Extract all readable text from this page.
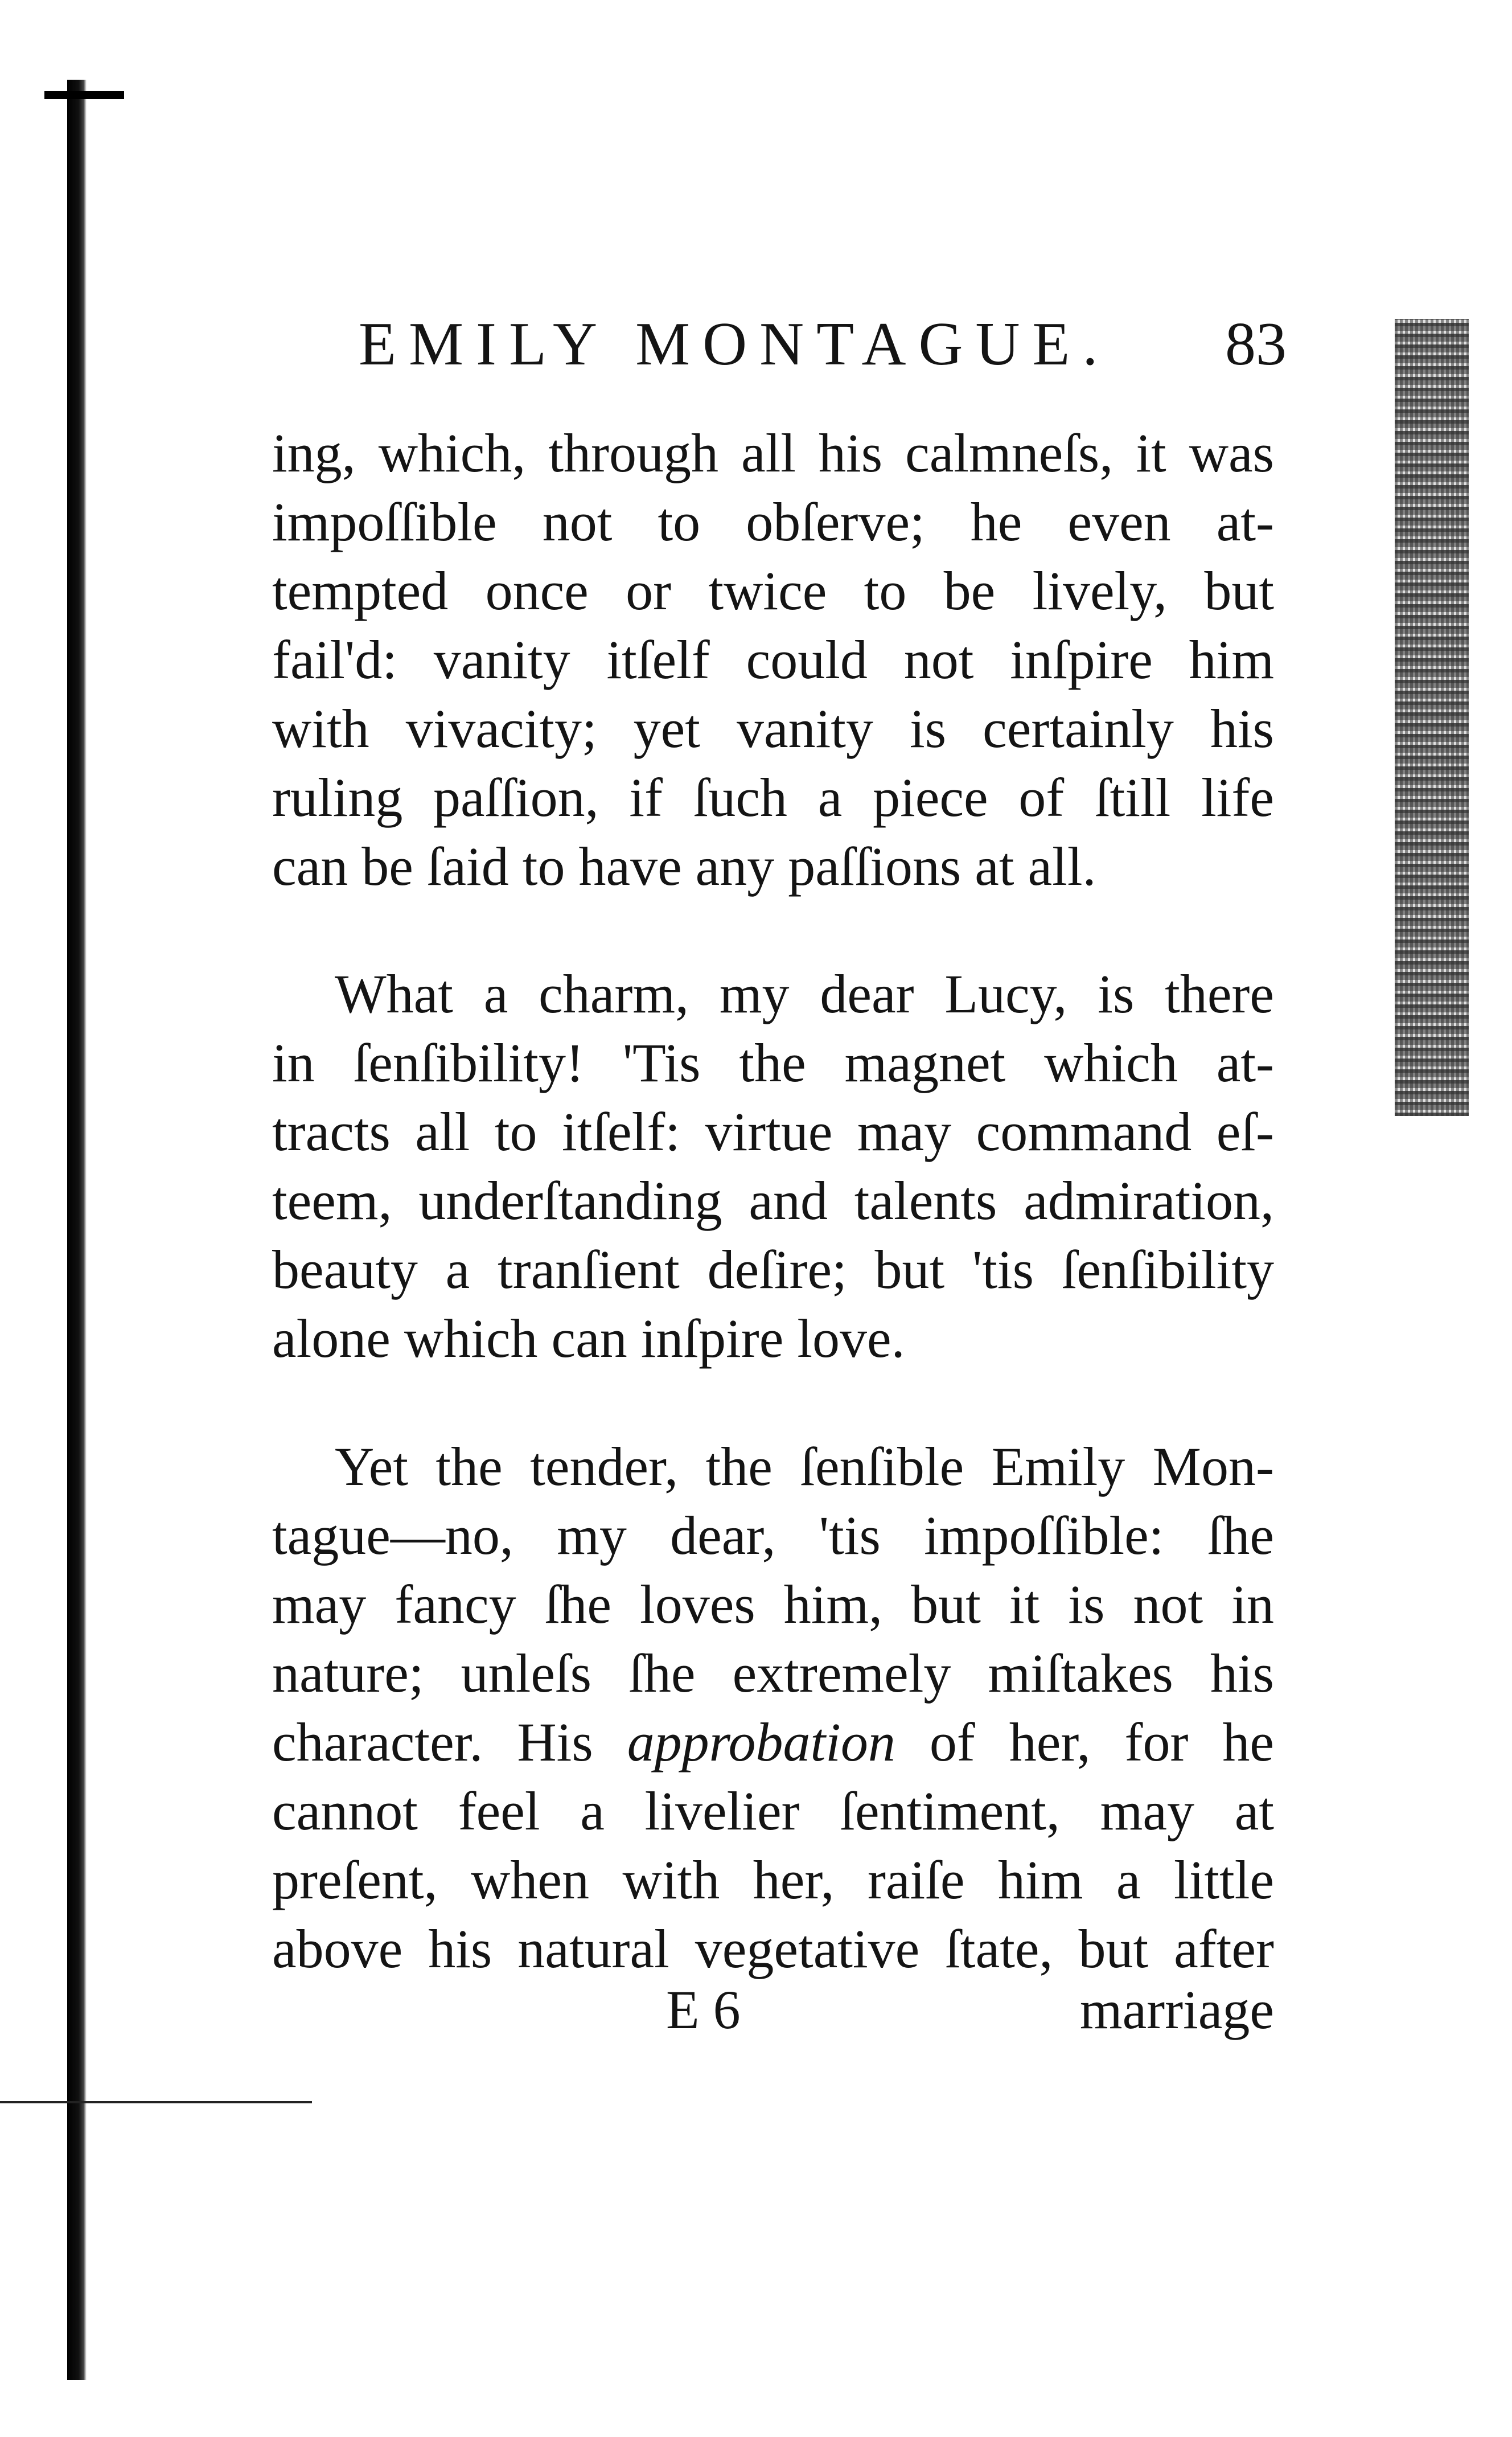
EMILY MONTAGUE. 83
ing, which, through all his calmneſs, it was
impoſſible not to obſerve; he even at-
tempted once or twice to be lively, but
fail'd: vanity itſelf could not inſpire him
with vivacity; yet vanity is certainly his
ruling paſſion, if ſuch a piece of ſtill life
can be ſaid to have any paſſions at all.
What a charm, my dear Lucy, is there
in ſenſibility! 'Tis the magnet which at-
tracts all to itſelf: virtue may command eſ-
teem, underſtanding and talents admiration,
beauty a tranſient deſire; but 'tis ſenſibility
alone which can inſpire love.
Yet the tender, the ſenſible Emily Mon-
tague—no, my dear, 'tis impoſſible: ſhe
may fancy ſhe loves him, but it is not in
nature; unleſs ſhe extremely miſtakes his
character. His approbation of her, for he
cannot feel a livelier ſentiment, may at
preſent, when with her, raiſe him a little
above his natural vegetative ſtate, but after
E 6	marriage
